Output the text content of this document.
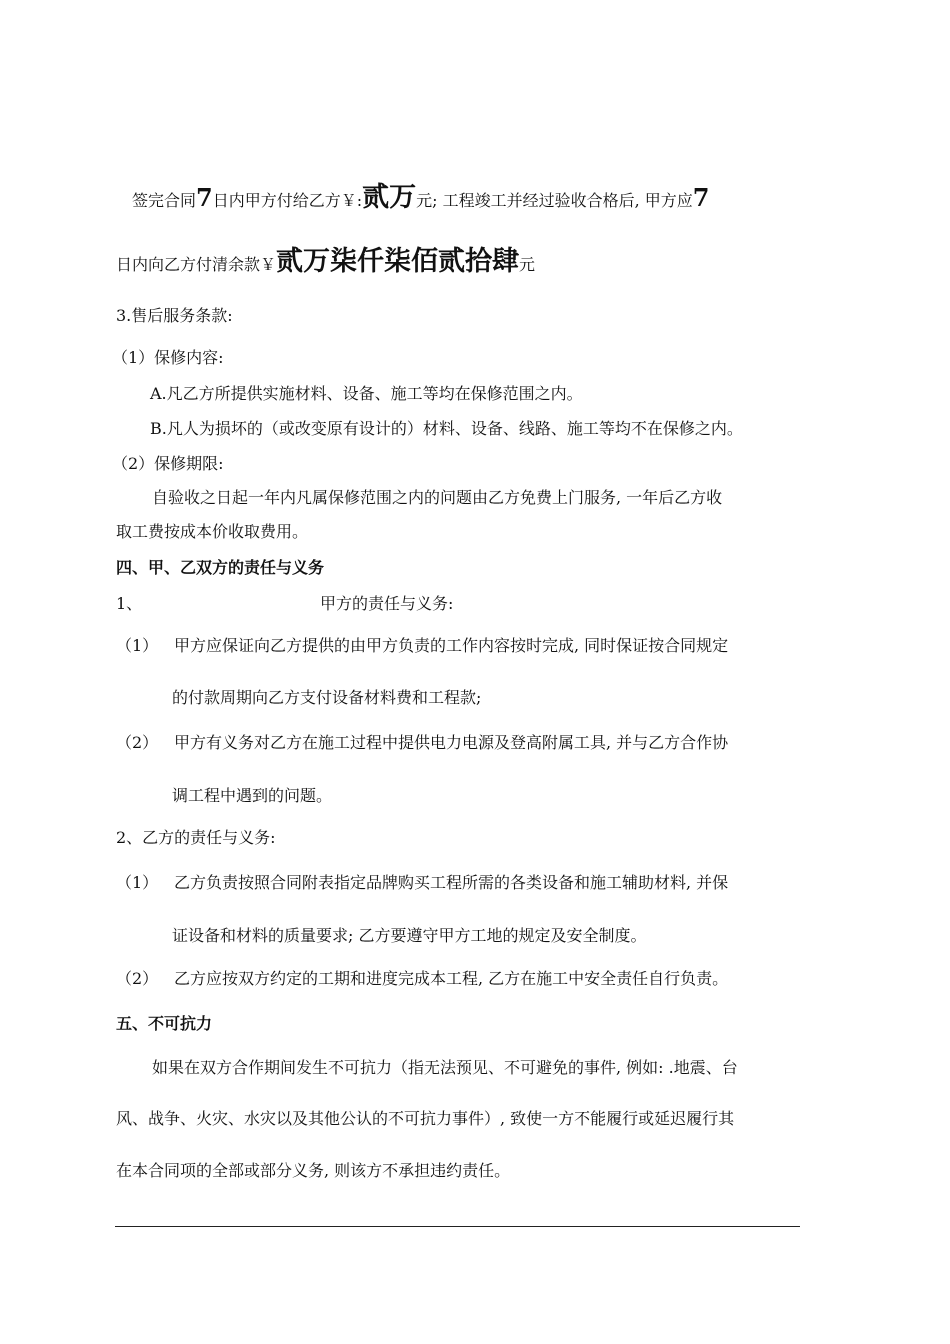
签完合同7日内甲方付给乙方￥:贰万元; 工程竣工并经过验收合格后, 甲方应7
日内向乙方付清余款￥贰万柒仟柒佰贰拾肆元
3.售后服务条款:
（1）保修内容:
A.凡乙方所提供实施材料、设备、施工等均在保修范围之内。
B.凡人为损坏的（或改变原有设计的）材料、设备、线路、施工等均不在保修之内。
（2）保修期限:
自验收之日起一年内凡属保修范围之内的问题由乙方免费上门服务, 一年后乙方收
取工费按成本价收取费用。
四、甲、乙双方的责任与义务
1、	甲方的责任与义务:
（1） 甲方应保证向乙方提供的由甲方负责的工作内容按时完成, 同时保证按合同规定
的付款周期向乙方支付设备材料费和工程款;
（2） 甲方有义务对乙方在施工过程中提供电力电源及登高附属工具, 并与乙方合作协
调工程中遇到的问题。
2、乙方的责任与义务:
（1） 乙方负责按照合同附表指定品牌购买工程所需的各类设备和施工辅助材料, 并保
证设备和材料的质量要求; 乙方要遵守甲方工地的规定及安全制度。
（2） 乙方应按双方约定的工期和进度完成本工程, 乙方在施工中安全责任自行负责。
五、不可抗力
如果在双方合作期间发生不可抗力（指无法预见、不可避免的事件, 例如: .地震、台
风、战争、火灾、水灾以及其他公认的不可抗力事件）, 致使一方不能履行或延迟履行其
在本合同项的全部或部分义务, 则该方不承担违约责任。
